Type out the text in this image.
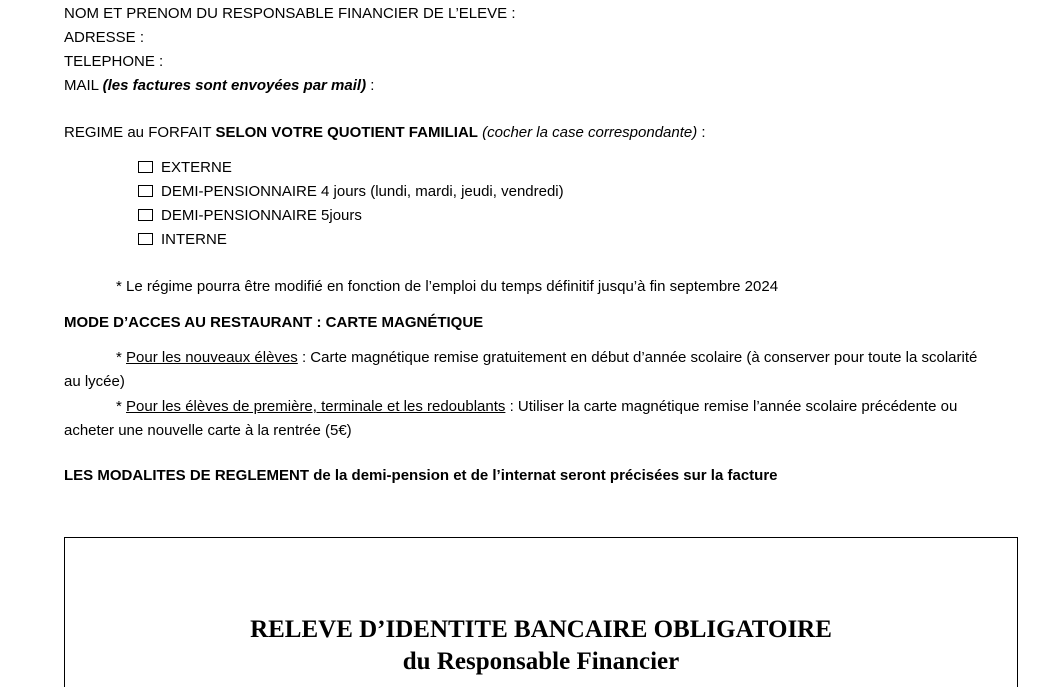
NOM ET PRENOM DU RESPONSABLE FINANCIER DE L’ELEVE :
ADRESSE :
TELEPHONE :
MAIL (les factures sont envoyées par mail) :
REGIME au FORFAIT SELON VOTRE QUOTIENT FAMILIAL (cocher la case correspondante) :
EXTERNE
DEMI-PENSIONNAIRE 4 jours (lundi, mardi, jeudi, vendredi)
DEMI-PENSIONNAIRE 5jours
INTERNE
* Le régime pourra être modifié en fonction de l’emploi du temps définitif jusqu’à fin septembre 2024
MODE D’ACCES AU RESTAURANT : CARTE MAGNÉTIQUE
* Pour les nouveaux élèves : Carte magnétique remise gratuitement en début d’année scolaire (à conserver pour toute la scolarité au lycée)
* Pour les élèves de première, terminale et les redoublants : Utiliser la carte magnétique remise l’année scolaire précédente ou acheter une nouvelle carte à la rentrée (5€)
LES MODALITES DE REGLEMENT de la demi-pension et de l’internat seront précisées sur la facture
RELEVE D’IDENTITE BANCAIRE OBLIGATOIRE
du Responsable Financier
